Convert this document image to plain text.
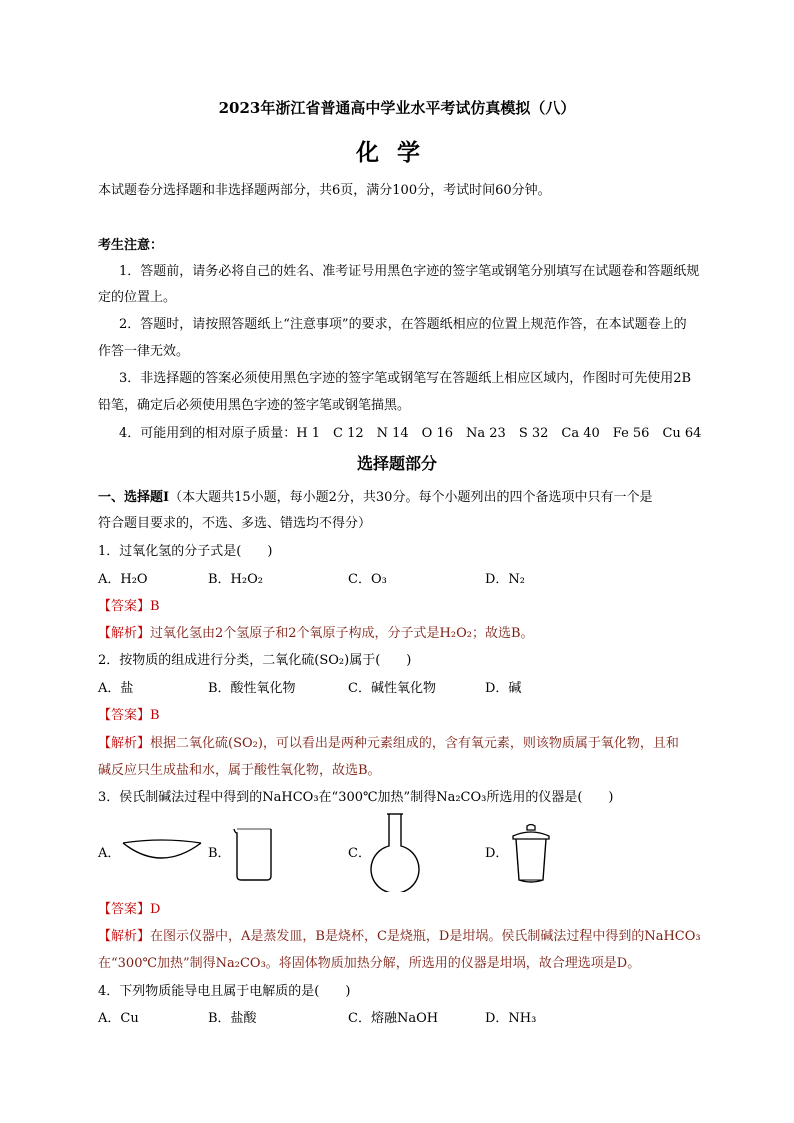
2023年浙江省普通高中学业水平考试仿真模拟（八）
化学
本试题卷分选择题和非选择题两部分，共6页，满分100分，考试时间60分钟。
考生注意：
1．答题前，请务必将自己的姓名、准考证号用黑色字迹的签字笔或钢笔分别填写在试题卷和答题纸规
定的位置上。
2．答题时，请按照答题纸上“注意事项”的要求，在答题纸相应的位置上规范作答，在本试题卷上的
作答一律无效。
3．非选择题的答案必须使用黑色字迹的签字笔或钢笔写在答题纸上相应区域内，作图时可先使用2B
铅笔，确定后必须使用黑色字迹的签字笔或钢笔描黑。
4．可能用到的相对原子质量：H 1　C 12　N 14　O 16　Na 23　S 32　Ca 40　Fe 56　Cu 64
选择题部分
一、选择题Ⅰ（本大题共15小题，每小题2分，共30分。每个小题列出的四个备选项中只有一个是
符合题目要求的，不选、多选、错选均不得分）
1．过氧化氢的分子式是(　　)
A．H₂O	B．H₂O₂	C．O₃	D．N₂
【答案】B
【解析】过氧化氢由2个氢原子和2个氧原子构成，分子式是H₂O₂；故选B。
2．按物质的组成进行分类，二氧化硫(SO₂)属于(　　)
A．盐	B．酸性氧化物	C．碱性氧化物	D．碱
【答案】B
【解析】根据二氧化硫(SO₂)，可以看出是两种元素组成的，含有氧元素，则该物质属于氧化物，且和
碱反应只生成盐和水，属于酸性氧化物，故选B。
3．侯氏制碱法过程中得到的NaHCO₃在“300℃加热”制得Na₂CO₃所选用的仪器是(　　)
A．	B．	C．	D．
【答案】D
【解析】在图示仪器中，A是蒸发皿，B是烧杯，C是烧瓶，D是坩埚。侯氏制碱法过程中得到的NaHCO₃
在“300℃加热”制得Na₂CO₃。将固体物质加热分解，所选用的仪器是坩埚，故合理选项是D。
4．下列物质能导电且属于电解质的是(　　)
A．Cu	B．盐酸	C．熔融NaOH	D．NH₃
